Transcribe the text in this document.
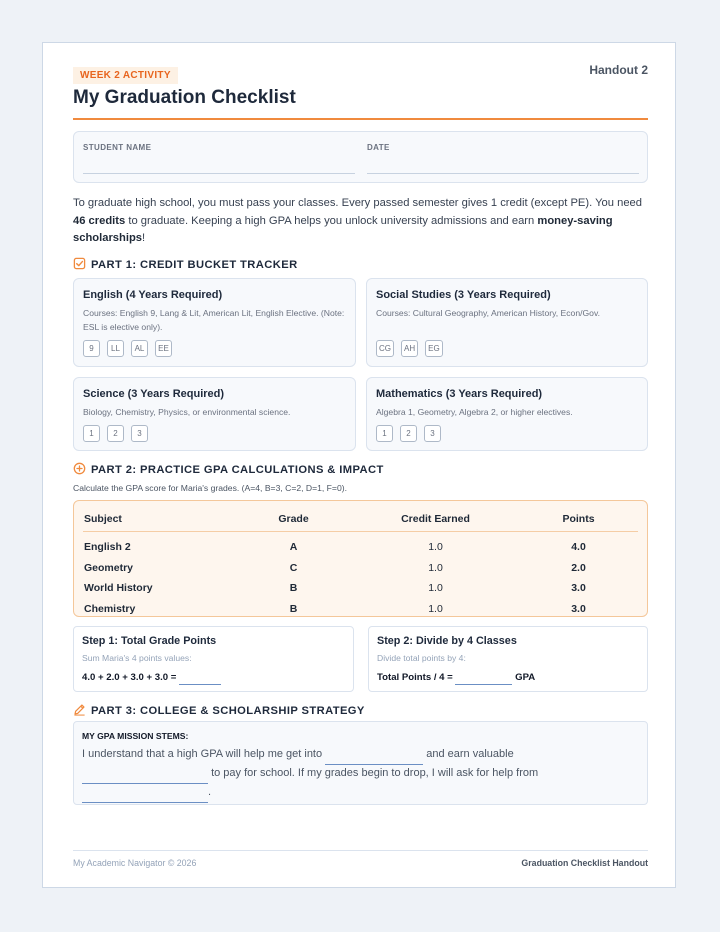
WEEK 2 ACTIVITY	Handout 2
My Graduation Checklist
STUDENT NAME	DATE

To graduate high school, you must pass your classes. Every passed semester gives 1 credit (except PE). You need 46 credits to graduate. Keeping a high GPA helps you unlock university admissions and earn money-saving scholarships!

PART 1: CREDIT BUCKET TRACKER
English (4 Years Required)
Courses: English 9, Lang & Lit, American Lit, English Elective. (Note: ESL is elective only).
9	LL	AL	EE
Social Studies (3 Years Required)
Courses: Cultural Geography, American History, Econ/Gov.
CG	AH	EG
Science (3 Years Required)
Biology, Chemistry, Physics, or environmental science.
1	2	3
Mathematics (3 Years Required)
Algebra 1, Geometry, Algebra 2, or higher electives.
1	2	3
PART 2: PRACTICE GPA CALCULATIONS & IMPACT
Calculate the GPA score for Maria's grades. (A=4, B=3, C=2, D=1, F=0).
Subject	Grade	Credit Earned	Points
English 2	A	1.0	4.0
Geometry	C	1.0	2.0
World History	B	1.0	3.0
Chemistry	B	1.0	3.0
Step 1: Total Grade Points
Sum Maria's 4 points values:
4.0 + 2.0 + 3.0 + 3.0 =
Step 2: Divide by 4 Classes
Divide total points by 4:
Total Points / 4 =	GPA
PART 3: COLLEGE & SCHOLARSHIP STRATEGY
MY GPA MISSION STEMS:

I understand that a high GPA will help me get into	and earn valuable
to pay for school. If my grades begin to drop, I will ask for help from
.

My Academic Navigator © 2026	Graduation Checklist Handout
